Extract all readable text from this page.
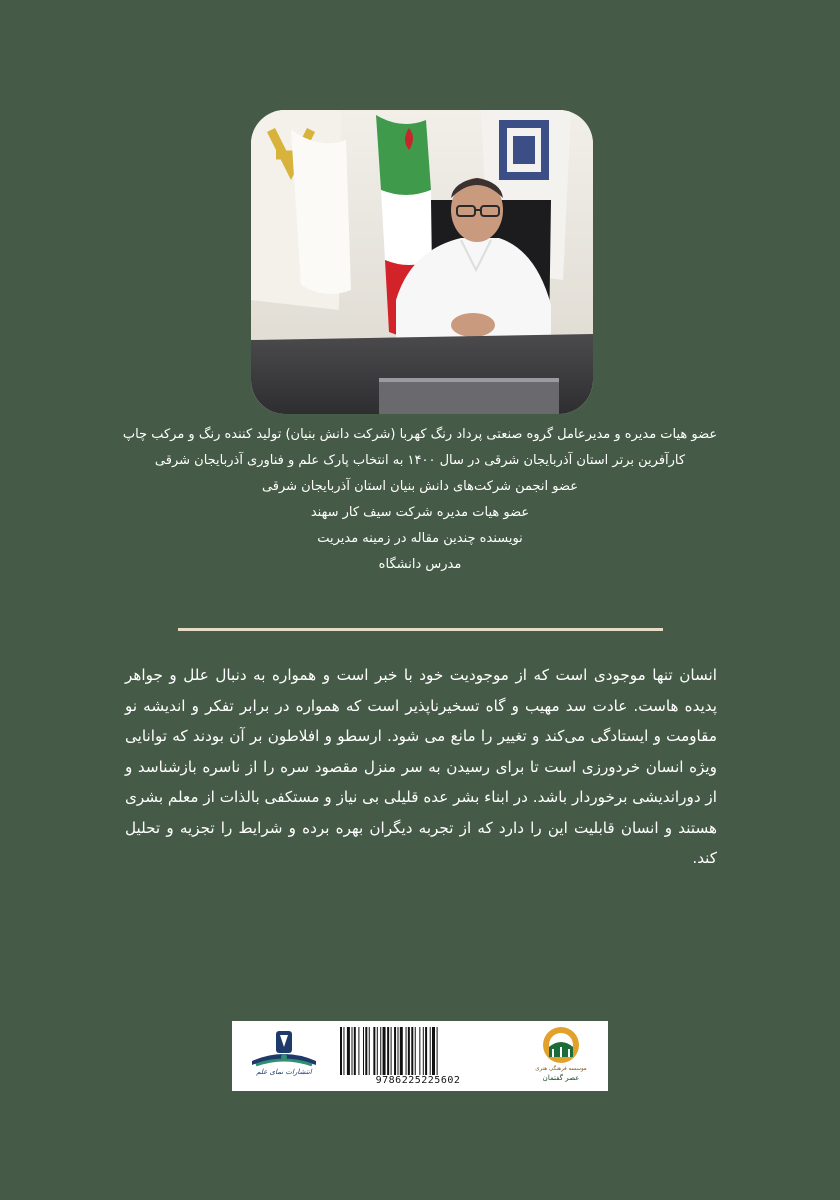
عضو هیات مدیره و مدیرعامل گروه صنعتی پرداد رنگ کهربا (شرکت دانش بنیان) تولید کننده رنگ و مرکب چاپ

کارآفرین برتر استان آذربایجان شرقی در سال ۱۴۰۰ به انتخاب پارک علم و فناوری آذربایجان شرقی

عضو انجمن شرکت‌های دانش بنیان استان آذربایجان شرقی

عضو هیات مدیره شرکت سیف کار سهند

نویسنده چندین مقاله در زمینه مدیریت

مدرس دانشگاه

انسان تنها موجودی است که از موجودیت خود با خبر است و همواره به دنبال علل و جواهر پدیده هاست. عادت سد مهیب و گاه تسخیرناپذیر است که همواره در برابر تفکر و اندیشه نو مقاومت و ایستادگی می‌کند و تغییر را مانع می شود. ارسطو و افلاطون بر آن بودند که توانایی ویژه انسان خردورزی است تا برای رسیدن به سر منزل مقصود سره را از ناسره بازشناسد و از دوراندیشی برخوردار باشد. در ابناء بشر عده قلیلی بی نیاز و مستکفی بالذات از معلم بشری هستند و انسان قابلیت این را دارد که از تجربه دیگران بهره برده و شرایط را تجزیه و تحلیل کند.

انتشارات نمای علم
9786225225602
موسسه فرهنگی هنری
عصر گفتمان
